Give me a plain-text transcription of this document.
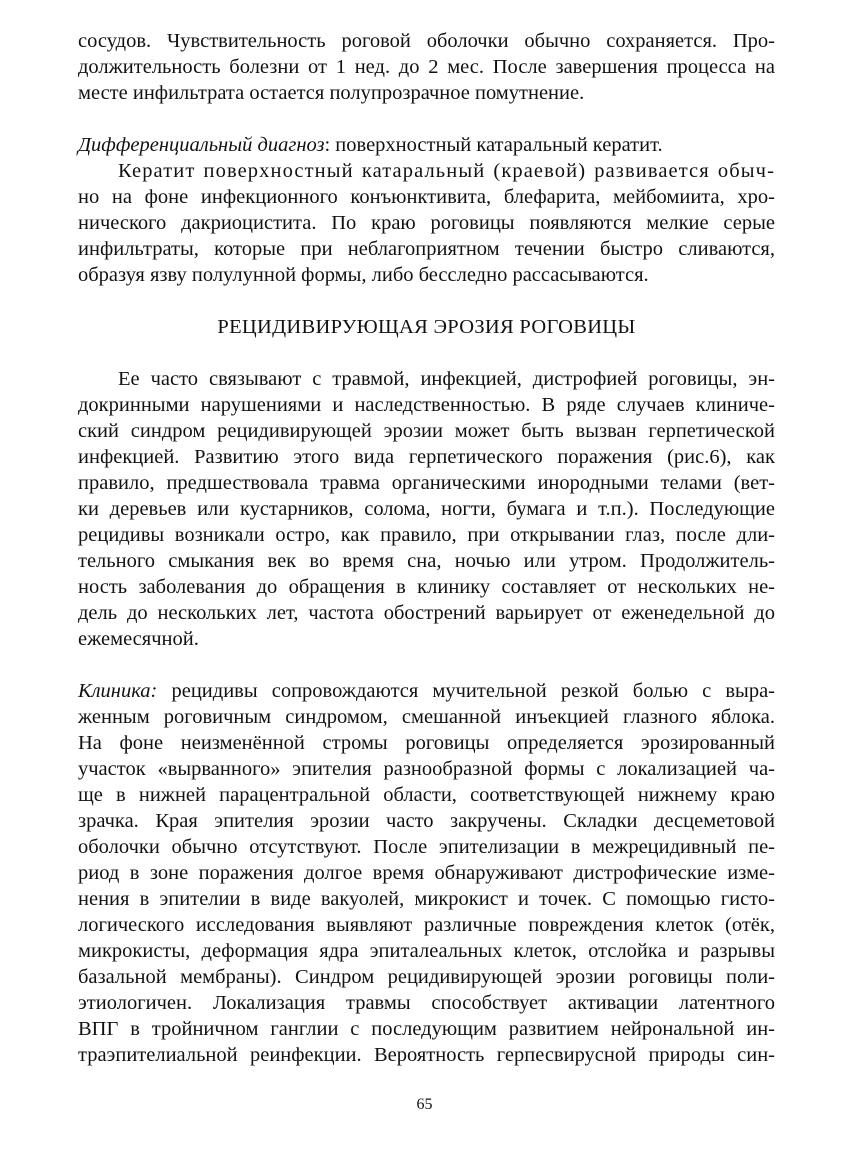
сосудов. Чувствительность роговой оболочки обычно сохраняется. Про-
должительность болезни от 1 нед. до 2 мес. После завершения процесса на
месте инфильтрата остается полупрозрачное помутнение.
Дифференциальный диагноз: поверхностный катаральный кератит.
Кератит поверхностный катаральный (краевой) развивается обыч-
но на фоне инфекционного конъюнктивита, блефарита, мейбомиита, хро-
нического дакриоцистита. По краю роговицы появляются мелкие серые
инфильтраты, которые при неблагоприятном течении быстро сливаются,
образуя язву полулунной формы, либо бесследно рассасываются.
РЕЦИДИВИРУЮЩАЯ ЭРОЗИЯ РОГОВИЦЫ
Ее часто связывают с травмой, инфекцией, дистрофией роговицы, эн-
докринными нарушениями и наследственностью. В ряде случаев клиниче-
ский синдром рецидивирующей эрозии может быть вызван герпетической
инфекцией. Развитию этого вида герпетического поражения (рис.6), как
правило, предшествовала травма органическими инородными телами (вет-
ки деревьев или кустарников, солома, ногти, бумага и т.п.). Последующие
рецидивы возникали остро, как правило, при открывании глаз, после дли-
тельного смыкания век во время сна, ночью или утром. Продолжитель-
ность заболевания до обращения в клинику составляет от нескольких не-
дель до нескольких лет, частота обострений варьирует от еженедельной до
ежемесячной.
Клиника: рецидивы сопровождаются мучительной резкой болью с выра-
женным роговичным синдромом, смешанной инъекцией глазного яблока.
На фоне неизменённой стромы роговицы определяется эрозированный
участок «вырванного» эпителия разнообразной формы с локализацией ча-
ще в нижней парацентральной области, соответствующей нижнему краю
зрачка. Края эпителия эрозии часто закручены. Складки десцеметовой
оболочки обычно отсутствуют. После эпителизации в межрецидивный пе-
риод в зоне поражения долгое время обнаруживают дистрофические изме-
нения в эпителии в виде вакуолей, микрокист и точек. С помощью гисто-
логического исследования выявляют различные повреждения клеток (отёк,
микрокисты, деформация ядра эпиталеальных клеток, отслойка и разрывы
базальной мембраны). Синдром рецидивирующей эрозии роговицы поли-
этиологичен. Локализация травмы способствует активации латентного
ВПГ в тройничном ганглии с последующим развитием нейрональной ин-
траэпителиальной реинфекции. Вероятность герпесвирусной природы син-
65
